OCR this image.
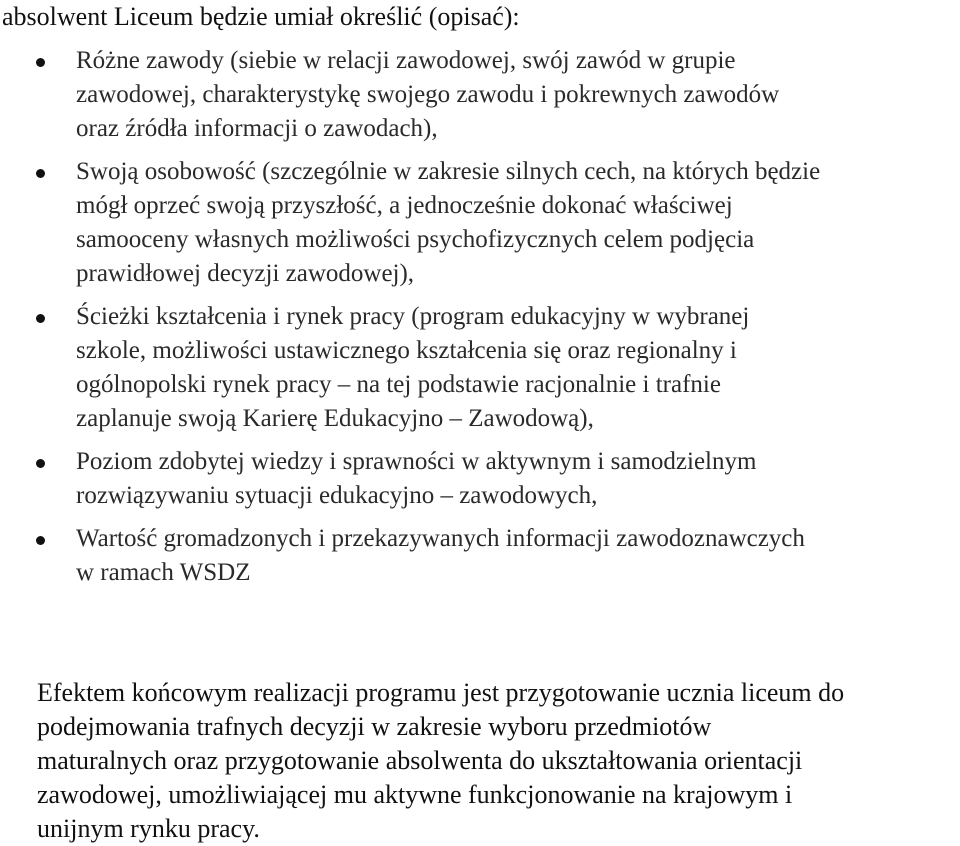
absolwent Liceum będzie umiał określić (opisać):

Różne zawody (siebie w relacji zawodowej, swój zawód w grupie
zawodowej, charakterystykę swojego zawodu i pokrewnych zawodów
oraz źródła informacji o zawodach),
Swoją osobowość (szczególnie w zakresie silnych cech, na których będzie
mógł oprzeć swoją przyszłość, a jednocześnie dokonać właściwej
samooceny własnych możliwości psychofizycznych celem podjęcia
prawidłowej decyzji zawodowej),
Ścieżki kształcenia i rynek pracy (program edukacyjny w wybranej
szkole, możliwości ustawicznego kształcenia się oraz regionalny i
ogólnopolski rynek pracy – na tej podstawie racjonalnie i trafnie
zaplanuje swoją Karierę Edukacyjno – Zawodową),
Poziom zdobytej wiedzy i sprawności w aktywnym i samodzielnym
rozwiązywaniu sytuacji edukacyjno – zawodowych,
Wartość gromadzonych i przekazywanych informacji zawodoznawczych
w ramach WSDZ

Efektem końcowym realizacji programu jest przygotowanie ucznia liceum do
podejmowania trafnych decyzji w zakresie wyboru przedmiotów
maturalnych oraz przygotowanie absolwenta do ukształtowania orientacji
zawodowej, umożliwiającej mu aktywne funkcjonowanie na krajowym i
unijnym rynku pracy.
